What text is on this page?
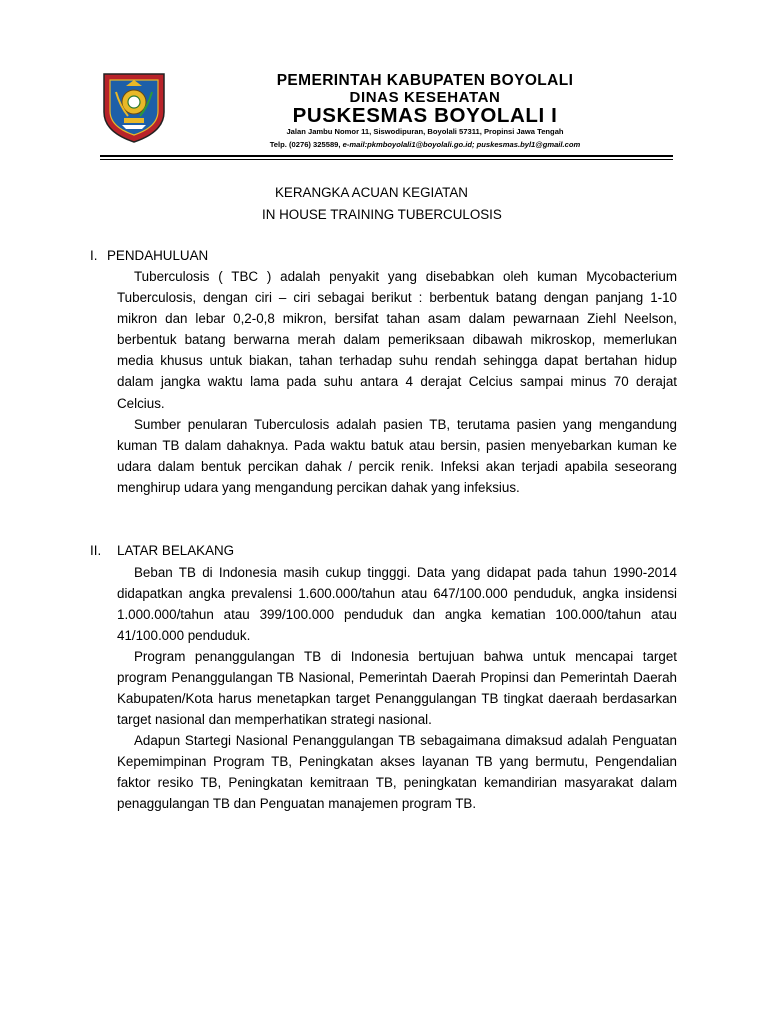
PEMERINTAH KABUPATEN BOYOLALI
DINAS KESEHATAN
PUSKESMAS BOYOLALI I
Jalan Jambu Nomor 11, Siswodipuran, Boyolali 57311, Propinsi Jawa Tengah
Telp. (0276) 325589, e-mail:pkmboyolali1@boyolali.go.id; puskesmas.byl1@gmail.com
KERANGKA ACUAN KEGIATAN
IN HOUSE TRAINING TUBERCULOSIS
I. PENDAHULUAN

Tuberculosis ( TBC ) adalah penyakit yang disebabkan oleh kuman Mycobacterium Tuberculosis, dengan ciri – ciri sebagai berikut : berbentuk batang dengan panjang 1-10 mikron dan lebar 0,2-0,8 mikron, bersifat tahan asam dalam pewarnaan Ziehl Neelson, berbentuk batang berwarna merah dalam pemeriksaan dibawah mikroskop, memerlukan media khusus untuk biakan, tahan terhadap suhu rendah sehingga dapat bertahan hidup dalam jangka waktu lama pada suhu antara 4 derajat Celcius sampai minus 70 derajat Celcius.

Sumber penularan Tuberculosis adalah pasien TB, terutama pasien yang mengandung kuman TB dalam dahaknya. Pada waktu batuk atau bersin, pasien menyebarkan kuman ke udara dalam bentuk percikan dahak / percik renik. Infeksi akan terjadi apabila seseorang menghirup udara yang mengandung percikan dahak yang infeksius.

II. LATAR BELAKANG

Beban TB di Indonesia masih cukup tingggi. Data yang didapat pada tahun 1990-2014 didapatkan angka prevalensi 1.600.000/tahun atau 647/100.000 penduduk, angka insidensi 1.000.000/tahun atau 399/100.000 penduduk dan angka kematian 100.000/tahun atau 41/100.000 penduduk.

Program penanggulangan TB di Indonesia bertujuan bahwa untuk mencapai target program Penanggulangan TB Nasional, Pemerintah Daerah Propinsi dan Pemerintah Daerah Kabupaten/Kota harus menetapkan target Penanggulangan TB tingkat daeraah berdasarkan target nasional dan memperhatikan strategi nasional.

Adapun Startegi Nasional Penanggulangan TB sebagaimana dimaksud adalah Penguatan Kepemimpinan Program TB, Peningkatan akses layanan TB yang bermutu, Pengendalian faktor resiko TB, Peningkatan kemitraan TB, peningkatan kemandirian masyarakat dalam penaggulangan TB dan Penguatan manajemen program TB.
